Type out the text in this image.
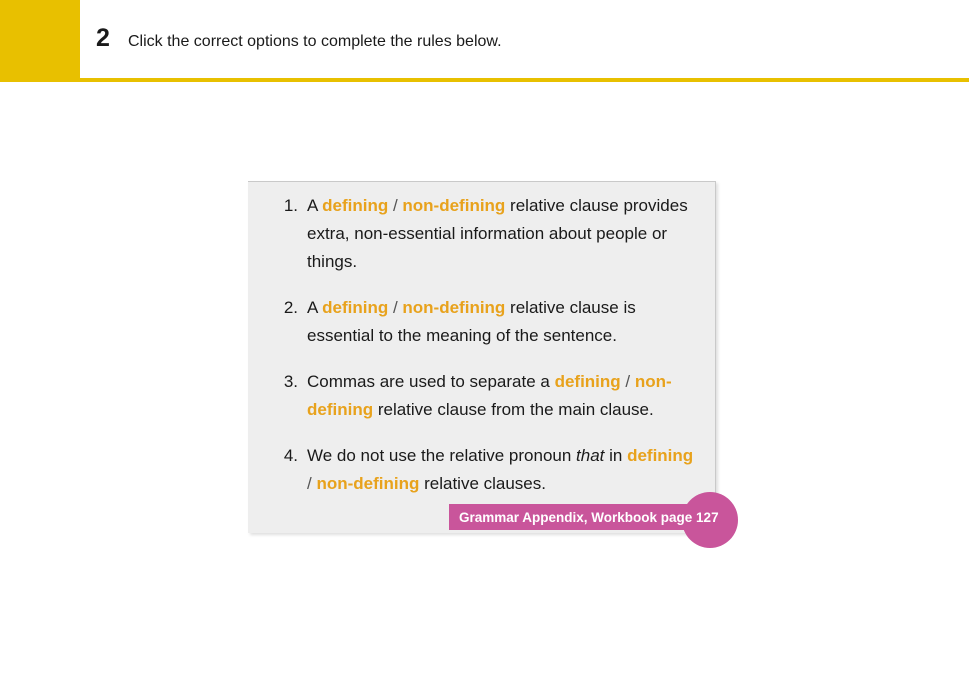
2 Click the correct options to complete the rules below.
1. A defining / non-defining relative clause provides extra, non-essential information about people or things.
2. A defining / non-defining relative clause is essential to the meaning of the sentence.
3. Commas are used to separate a defining / non-defining relative clause from the main clause.
4. We do not use the relative pronoun that in defining / non-defining relative clauses.
Grammar Appendix, Workbook page 127
